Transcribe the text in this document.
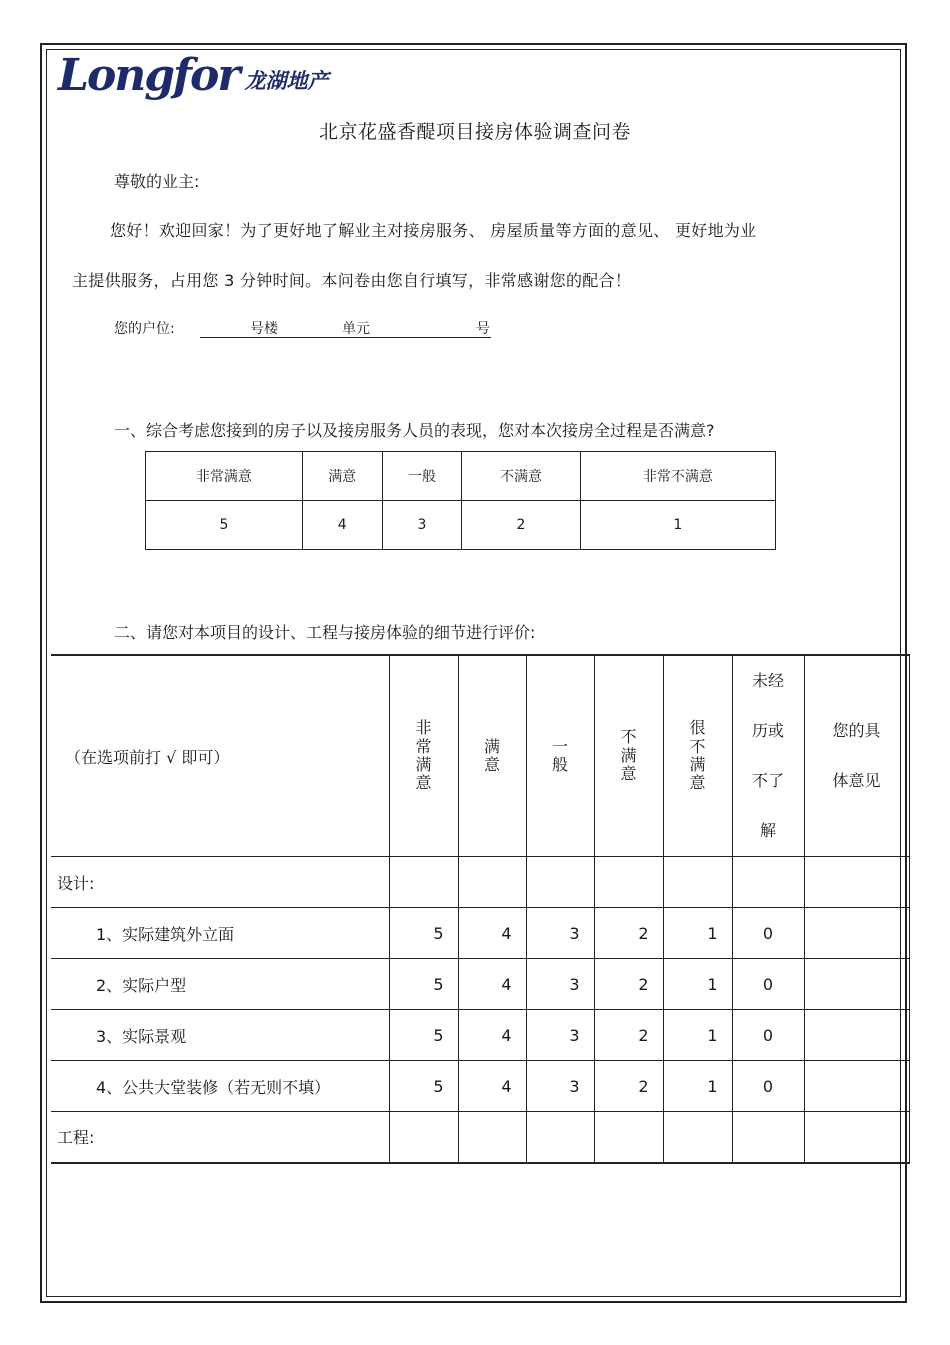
Longfor 龙湖地产
北京花盛香醍项目接房体验调查问卷
尊敬的业主:
您好！欢迎回家！为了更好地了解业主对接房服务、 房屋质量等方面的意见、 更好地为业
主提供服务，占用您 3 分钟时间。本问卷由您自行填写，非常感谢您的配合！
您的户位:	号楼	单元	号
一、综合考虑您接到的房子以及接房服务人员的表现，您对本次接房全过程是否满意?
非常满意	满意	一般	不满意	非常不满意
5	4	3	2	1
二、请您对本项目的设计、工程与接房体验的细节进行评价:
（在选项前打 √ 即可）	非常满意	满意	一般	不满意	很不满意	未经历或不了解	您的具体意见
设计:							
1、实际建筑外立面	5	4	3	2	1	0	
2、实际户型	5	4	3	2	1	0	
3、实际景观	5	4	3	2	1	0	
4、公共大堂装修（若无则不填）	5	4	3	2	1	0	
工程:							
